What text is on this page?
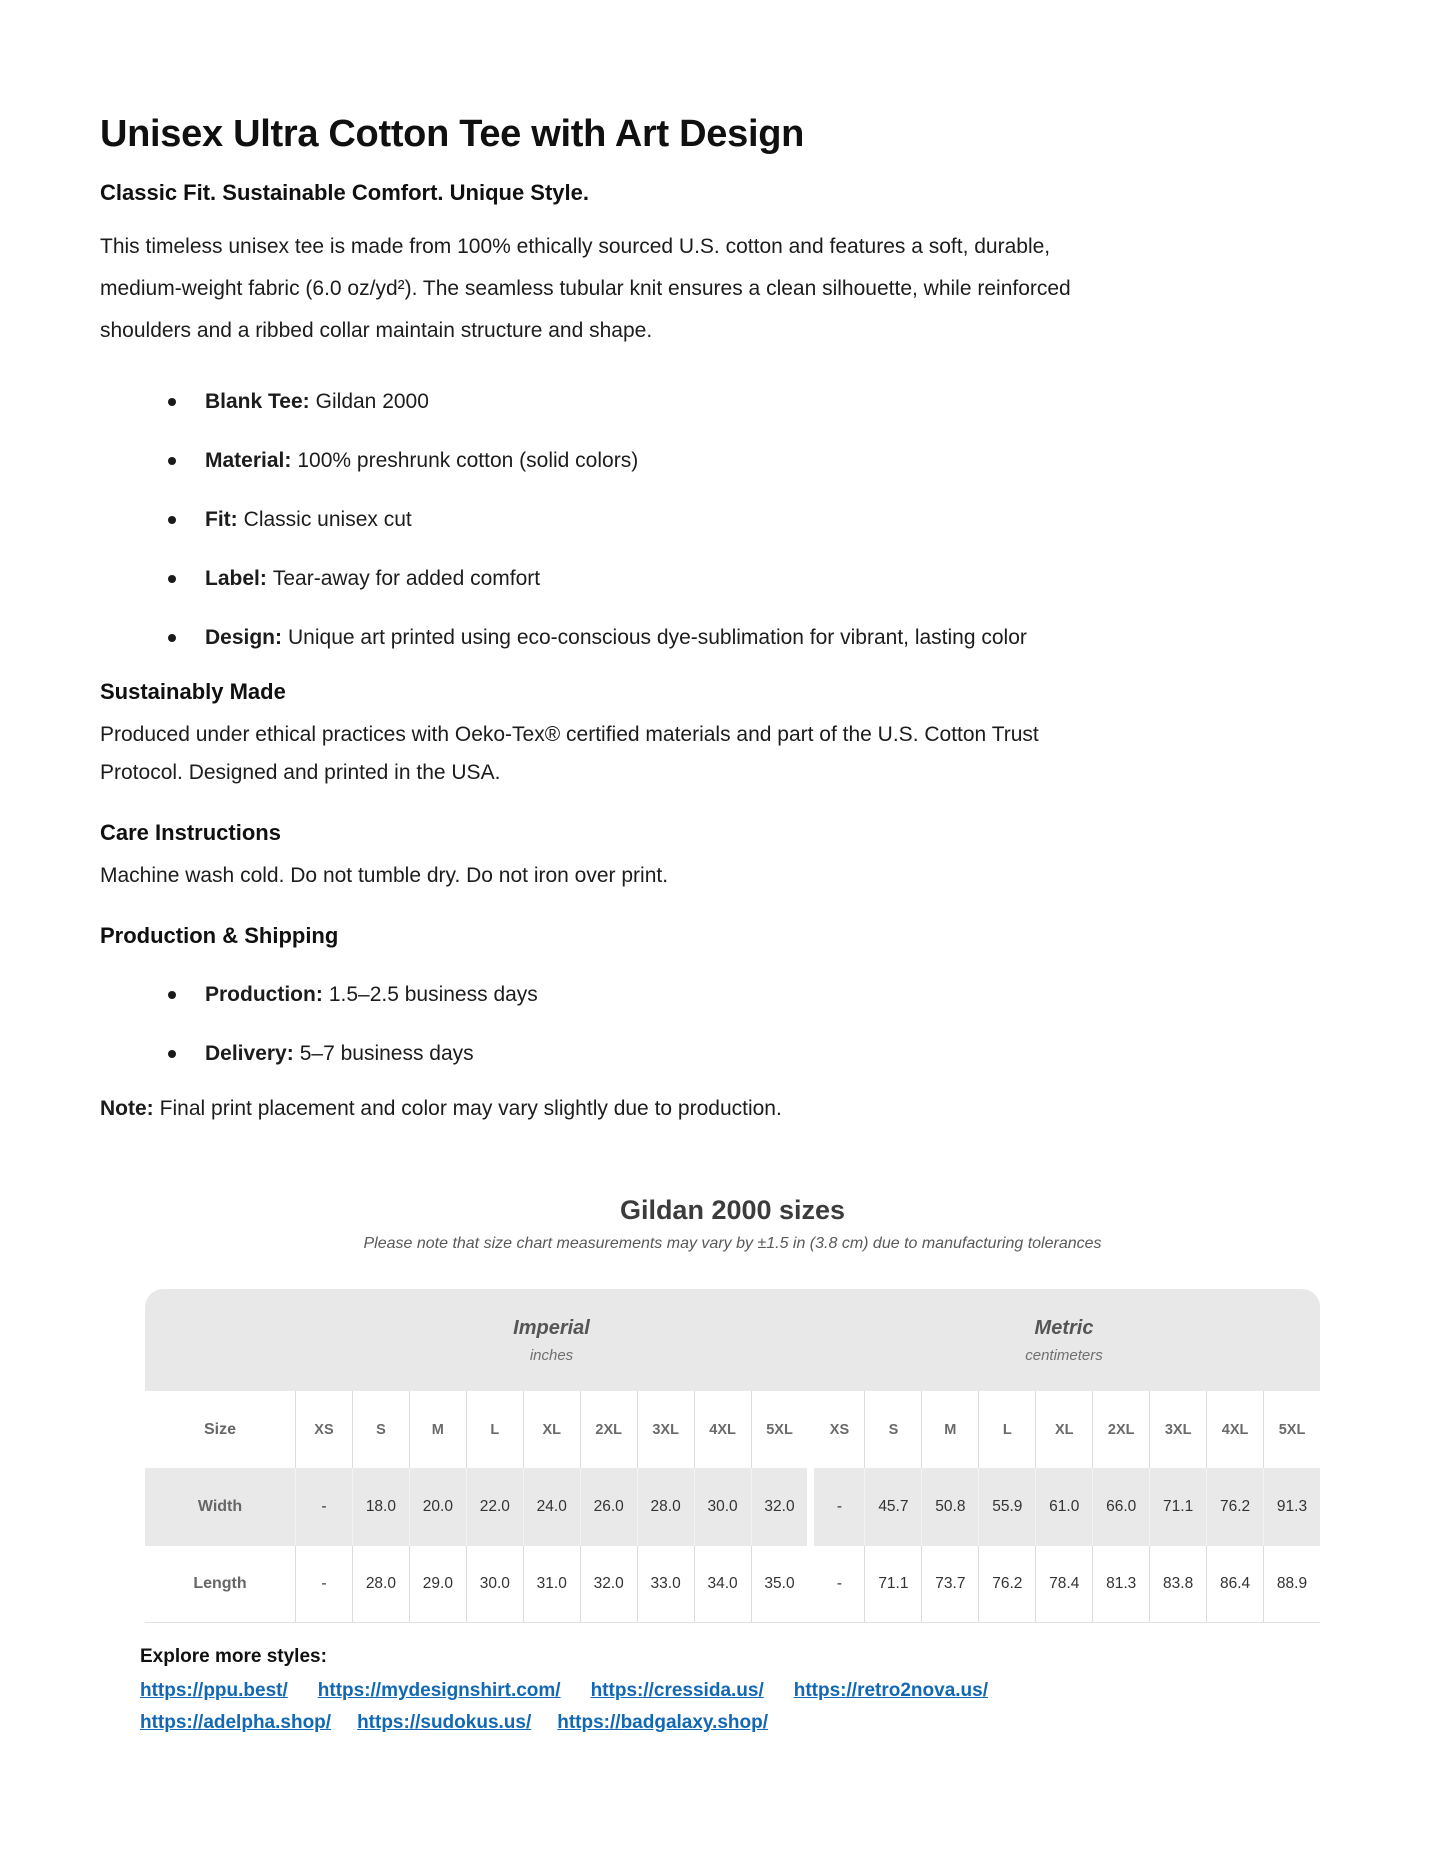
Unisex Ultra Cotton Tee with Art Design
Classic Fit. Sustainable Comfort. Unique Style.

This timeless unisex tee is made from 100% ethically sourced U.S. cotton and features a soft, durable, medium-weight fabric (6.0 oz/yd²). The seamless tubular knit ensures a clean silhouette, while reinforced shoulders and a ribbed collar maintain structure and shape.

Blank Tee: Gildan 2000
Material: 100% preshrunk cotton (solid colors)
Fit: Classic unisex cut
Label: Tear-away for added comfort
Design: Unique art printed using eco-conscious dye-sublimation for vibrant, lasting color
Sustainably Made

Produced under ethical practices with Oeko-Tex® certified materials and part of the U.S. Cotton Trust Protocol. Designed and printed in the USA.

Care Instructions

Machine wash cold. Do not tumble dry. Do not iron over print.

Production & Shipping
Production: 1.5–2.5 business days
Delivery: 5–7 business days

Note: Final print placement and color may vary slightly due to production.

Gildan 2000 sizes
Please note that size chart measurements may vary by ±1.5 in (3.8 cm) due to manufacturing tolerances
Imperial
inches
Metric
centimeters
Size	XS	S	M	L	XL	2XL	3XL	4XL	5XL	XS	S	M	L	XL	2XL	3XL	4XL	5XL
Width	-	18.0	20.0	22.0	24.0	26.0	28.0	30.0	32.0	-	45.7	50.8	55.9	61.0	66.0	71.1	76.2	91.3
Length	-	28.0	29.0	30.0	31.0	32.0	33.0	34.0	35.0	-	71.1	73.7	76.2	78.4	81.3	83.8	86.4	88.9
Explore more styles:
https://ppu.best/ https://mydesignshirt.com/ https://cressida.us/ https://retro2nova.us/
https://adelpha.shop/ https://sudokus.us/ https://badgalaxy.shop/
